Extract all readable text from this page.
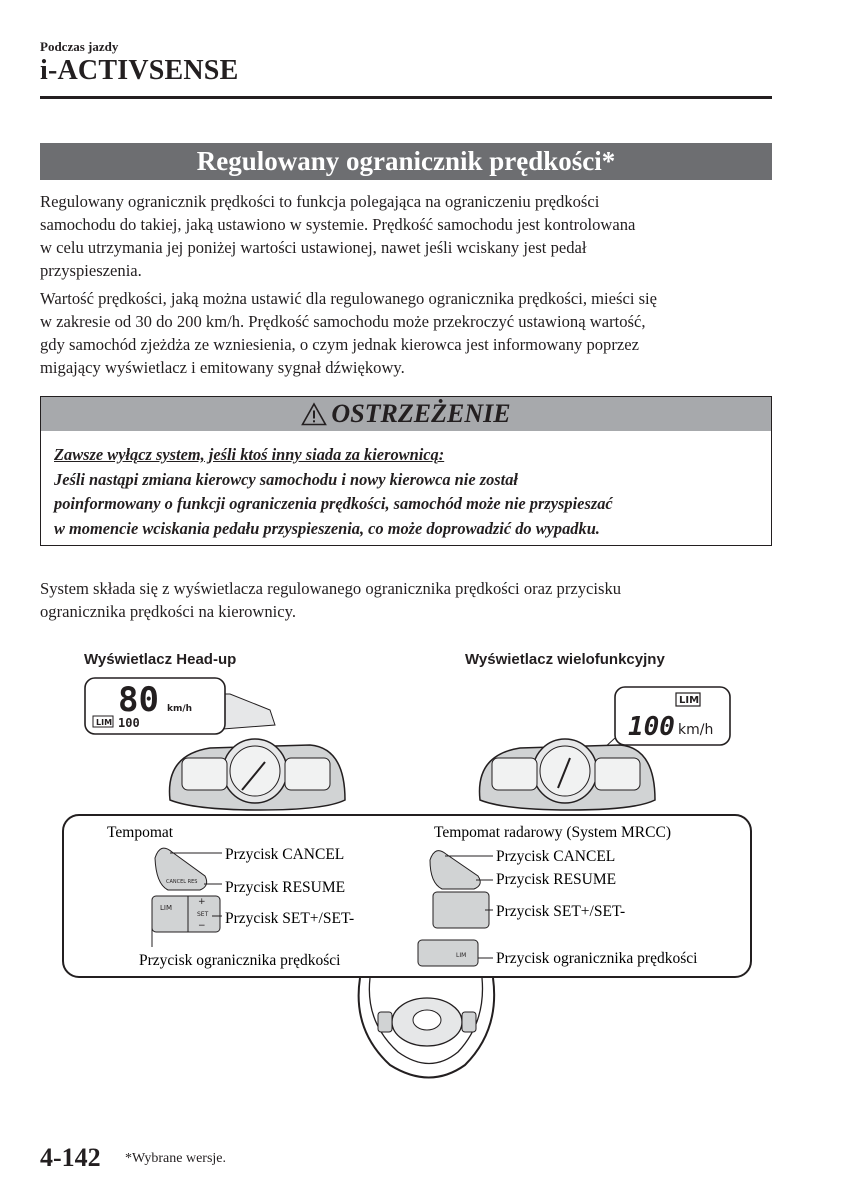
Podczas jazdy
i-ACTIVSENSE
Regulowany ogranicznik prędkości*
Regulowany ogranicznik prędkości to funkcja polegająca na ograniczeniu prędkości
samochodu do takiej, jaką ustawiono w systemie. Prędkość samochodu jest kontrolowana
w celu utrzymania jej poniżej wartości ustawionej, nawet jeśli wciskany jest pedał
przyspieszenia.
Wartość prędkości, jaką można ustawić dla regulowanego ogranicznika prędkości, mieści się
w zakresie od 30 do 200 km/h. Prędkość samochodu może przekroczyć ustawioną wartość,
gdy samochód zjeżdża ze wzniesienia, o czym jednak kierowca jest informowany poprzez
migający wyświetlacz i emitowany sygnał dźwiękowy.
OSTRZEŻENIE
Zawsze wyłącz system, jeśli ktoś inny siada za kierownicą:
Jeśli nastąpi zmiana kierowcy samochodu i nowy kierowca nie został
poinformowany o funkcji ograniczenia prędkości, samochód może nie przyspieszać
w momencie wciskania pedału przyspieszenia, co może doprowadzić do wypadku.
System składa się z wyświetlacza regulowanego ogranicznika prędkości oraz przycisku
ogranicznika prędkości na kierownicy.
Wyświetlacz Head-up	Wyświetlacz wielofunkcyjny
80 km/h
LIM 100
LIM
100 km/h
CANCEL RES
LIM
+
SET
−
LIM
Tempomat	Tempomat radarowy (System MRCC)
Przycisk CANCEL
Przycisk RESUME
Przycisk SET+/SET-
Przycisk ogranicznika prędkości
Przycisk CANCEL
Przycisk RESUME
Przycisk SET+/SET-
Przycisk ogranicznika prędkości
4-142 *Wybrane wersje.
